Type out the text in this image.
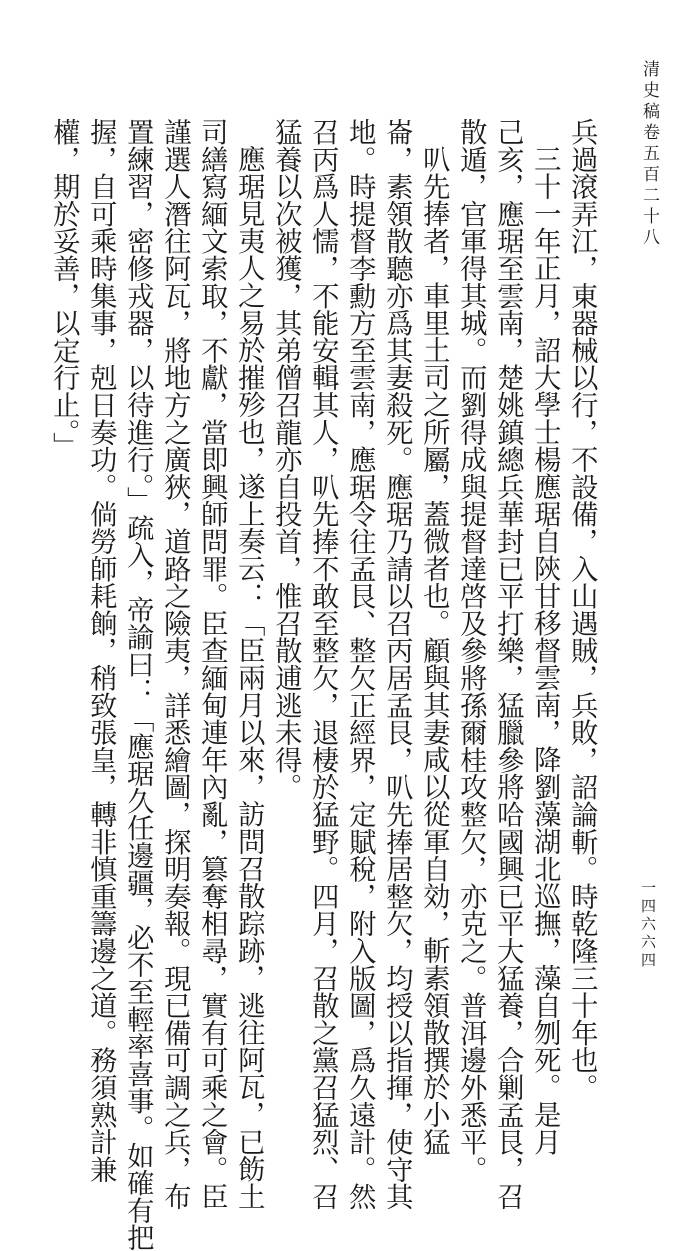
清史稿卷五百二十八
兵過滾弄江，東器械以行，不設備，入山遇賊，兵敗，詔論斬。時乾隆三十年也。
三十一年正月，詔大學士楊應琚自陝甘移督雲南，降劉藻湖北巡撫，藻自刎死。是月
己亥，應琚至雲南，楚姚鎮總兵華封已平打樂，猛臘參將哈國興已平大猛養，合剿孟艮，召
散遁，官軍得其城。而劉得成與提督達啓及參將孫爾桂攻整欠，亦克之。普洱邊外悉平。
叭先捧者，車里土司之所屬，蓋微者也。顧與其妻咸以從軍自効，斬素領散撰於小猛
崙，素領散聽亦爲其妻殺死。應琚乃請以召丙居孟艮，叭先捧居整欠，均授以指揮，使守其
地。時提督李勳方至雲南，應琚令往孟艮、整欠正經界，定賦稅，附入版圖，爲久遠計。然
召丙爲人懦，不能安輯其人，叭先捧不敢至整欠，退棲於猛野。四月，召散之黨召猛烈、召
猛養以次被獲，其弟僧召龍亦自投首，惟召散逋逃未得。
應琚見夷人之易於摧殄也，遂上奏云：「臣兩月以來，訪問召散踪跡，逃往阿瓦，已飭土
司繕寫緬文索取，不獻，當即興師問罪。臣查緬甸連年內亂，篡奪相尋，實有可乘之會。臣
謹選人潛往阿瓦，將地方之廣狹，道路之險夷，詳悉繪圖，探明奏報。現已備可調之兵，布
置練習，密修戎器，以待進行。」疏入，帝諭曰：「應琚久任邊疆，必不至輕率喜事。如確有把
握，自可乘時集事，剋日奏功。倘勞師耗餉，稍致張皇，轉非慎重籌邊之道。務須熟計兼
權，期於妥善，以定行止。」
一四六六四
